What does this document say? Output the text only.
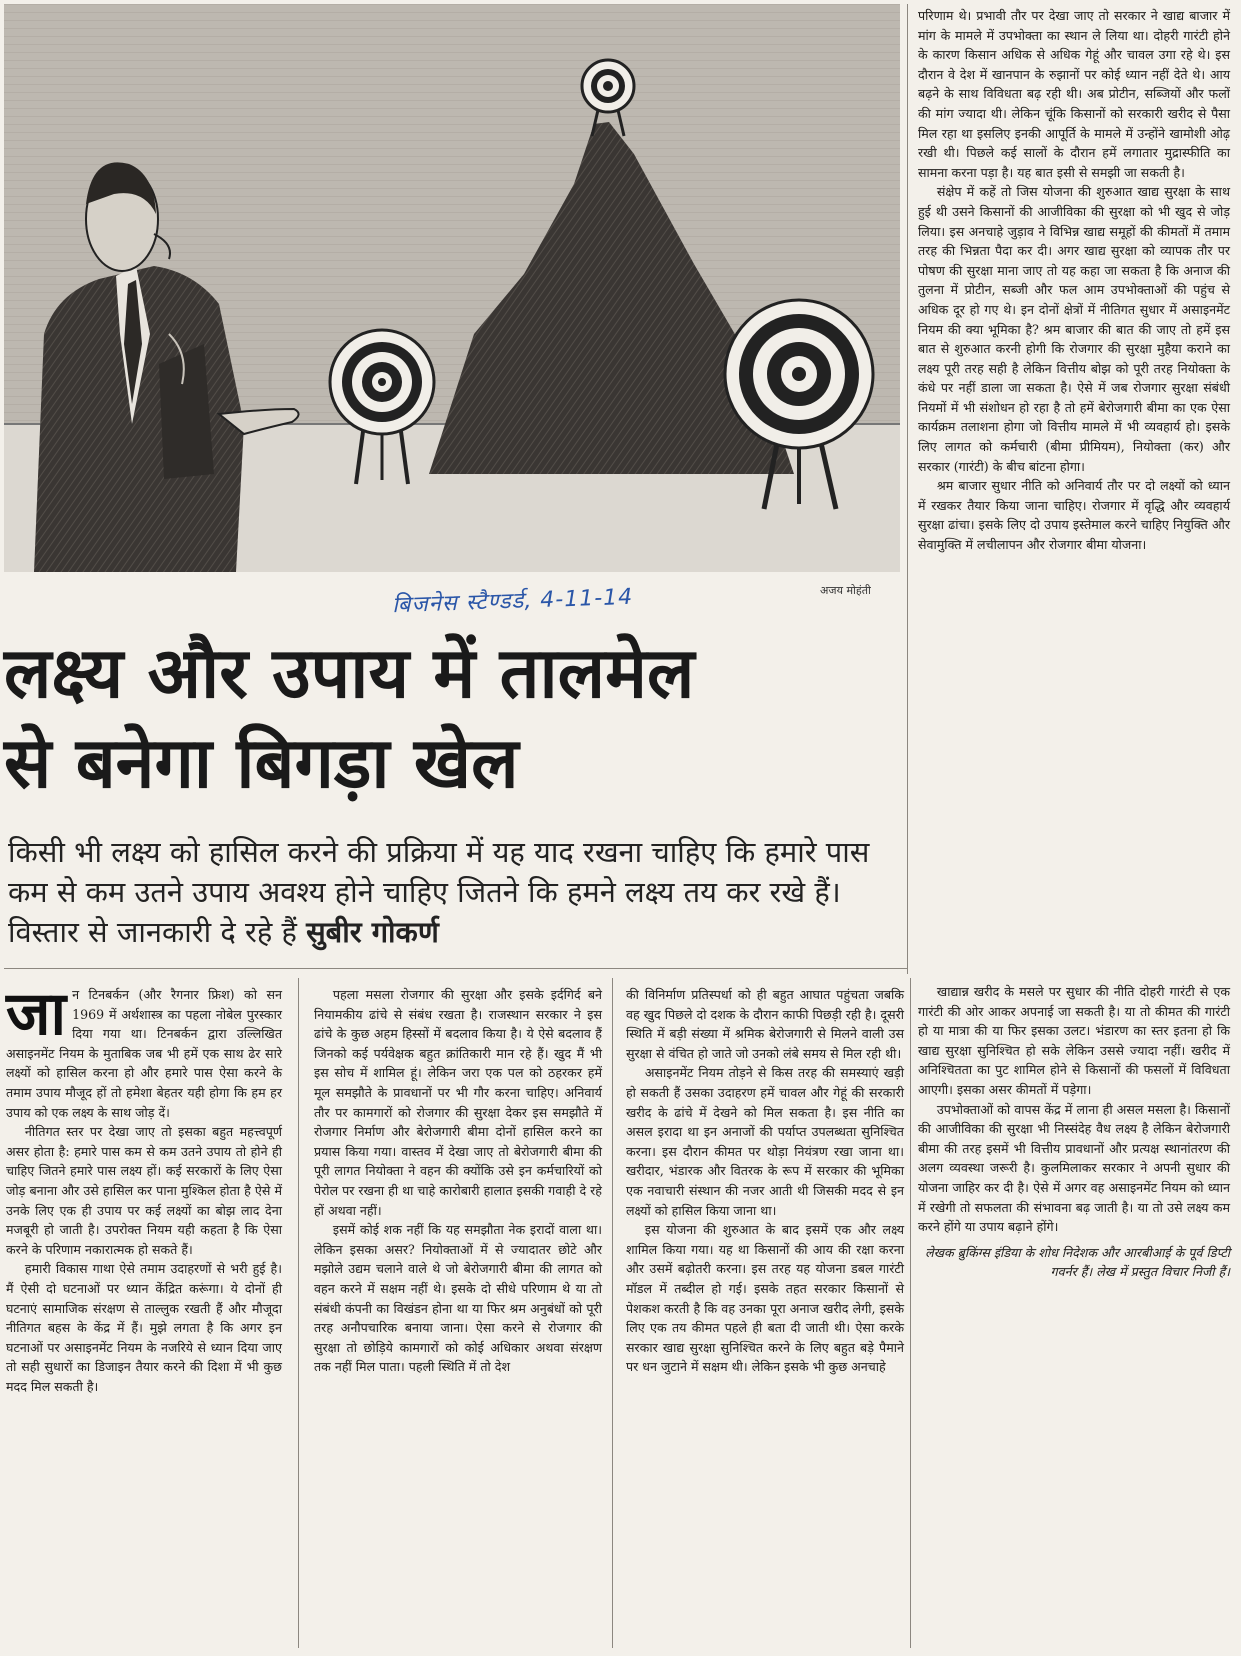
बिजनेस स्टैण्डर्ड, 4-11-14	अजय मोहंती
लक्ष्य और उपाय में तालमेल
से बनेगा बिगड़ा खेल

किसी भी लक्ष्य को हासिल करने की प्रक्रिया में यह याद रखना चाहिए कि हमारे पास कम से कम उतने उपाय अवश्य होने चाहिए जितने कि हमने लक्ष्य तय कर रखे हैं। विस्तार से जानकारी दे रहे हैं सुबीर गोकर्ण

परिणाम थे। प्रभावी तौर पर देखा जाए तो सरकार ने खाद्य बाजार में मांग के मामले में उपभोक्ता का स्थान ले लिया था। दोहरी गारंटी होने के कारण किसान अधिक से अधिक गेहूं और चावल उगा रहे थे। इस दौरान वे देश में खानपान के रुझानों पर कोई ध्यान नहीं देते थे। आय बढ़ने के साथ विविधता बढ़ रही थी। अब प्रोटीन, सब्जियों और फलों की मांग ज्यादा थी। लेकिन चूंकि किसानों को सरकारी खरीद से पैसा मिल रहा था इसलिए इनकी आपूर्ति के मामले में उन्होंने खामोशी ओढ़ रखी थी। पिछले कई सालों के दौरान हमें लगातार मुद्रास्फीति का सामना करना पड़ा है। यह बात इसी से समझी जा सकती है।

संक्षेप में कहें तो जिस योजना की शुरुआत खाद्य सुरक्षा के साथ हुई थी उसने किसानों की आजीविका की सुरक्षा को भी खुद से जोड़ लिया। इस अनचाहे जुड़ाव ने विभिन्न खाद्य समूहों की कीमतों में तमाम तरह की भिन्नता पैदा कर दी। अगर खाद्य सुरक्षा को व्यापक तौर पर पोषण की सुरक्षा माना जाए तो यह कहा जा सकता है कि अनाज की तुलना में प्रोटीन, सब्जी और फल आम उपभोक्ताओं की पहुंच से अधिक दूर हो गए थे। इन दोनों क्षेत्रों में नीतिगत सुधार में असाइनमेंट नियम की क्या भूमिका है? श्रम बाजार की बात की जाए तो हमें इस बात से शुरुआत करनी होगी कि रोजगार की सुरक्षा मुहैया कराने का लक्ष्य पूरी तरह सही है लेकिन वित्तीय बोझ को पूरी तरह नियोक्ता के कंधे पर नहीं डाला जा सकता है। ऐसे में जब रोजगार सुरक्षा संबंधी नियमों में भी संशोधन हो रहा है तो हमें बेरोजगारी बीमा का एक ऐसा कार्यक्रम तलाशना होगा जो वित्तीय मामले में भी व्यवहार्य हो। इसके लिए लागत को कर्मचारी (बीमा प्रीमियम), नियोक्ता (कर) और सरकार (गारंटी) के बीच बांटना होगा।

श्रम बाजार सुधार नीति को अनिवार्य तौर पर दो लक्ष्यों को ध्यान में रखकर तैयार किया जाना चाहिए। रोजगार में वृद्धि और व्यवहार्य सुरक्षा ढांचा। इसके लिए दो उपाय इस्तेमाल करने चाहिए नियुक्ति और सेवामुक्ति में लचीलापन और रोजगार बीमा योजना।

जान टिनबर्कन (और रैगनार फ्रिश) को सन 1969 में अर्थशास्त्र का पहला नोबेल पुरस्कार दिया गया था। टिनबर्कन द्वारा उल्लिखित असाइनमेंट नियम के मुताबिक जब भी हमें एक साथ ढेर सारे लक्ष्यों को हासिल करना हो और हमारे पास ऐसा करने के तमाम उपाय मौजूद हों तो हमेशा बेहतर यही होगा कि हम हर उपाय को एक लक्ष्य के साथ जोड़ दें।

नीतिगत स्तर पर देखा जाए तो इसका बहुत महत्त्वपूर्ण असर होता है: हमारे पास कम से कम उतने उपाय तो होने ही चाहिए जितने हमारे पास लक्ष्य हों। कई सरकारों के लिए ऐसा जोड़ बनाना और उसे हासिल कर पाना मुश्किल होता है ऐसे में उनके लिए एक ही उपाय पर कई लक्ष्यों का बोझ लाद देना मजबूरी हो जाती है। उपरोक्त नियम यही कहता है कि ऐसा करने के परिणाम नकारात्मक हो सकते हैं।

हमारी विकास गाथा ऐसे तमाम उदाहरणों से भरी हुई है। मैं ऐसी दो घटनाओं पर ध्यान केंद्रित करूंगा। ये दोनों ही घटनाएं सामाजिक संरक्षण से ताल्लुक रखती हैं और मौजूदा नीतिगत बहस के केंद्र में हैं। मुझे लगता है कि अगर इन घटनाओं पर असाइनमेंट नियम के नजरिये से ध्यान दिया जाए तो सही सुधारों का डिजाइन तैयार करने की दिशा में भी कुछ मदद मिल सकती है।

पहला मसला रोजगार की सुरक्षा और इसके इर्दगिर्द बने नियामकीय ढांचे से संबंध रखता है। राजस्थान सरकार ने इस ढांचे के कुछ अहम हिस्सों में बदलाव किया है। ये ऐसे बदलाव हैं जिनको कई पर्यवेक्षक बहुत क्रांतिकारी मान रहे हैं। खुद मैं भी इस सोच में शामिल हूं। लेकिन जरा एक पल को ठहरकर हमें मूल समझौते के प्रावधानों पर भी गौर करना चाहिए। अनिवार्य तौर पर कामगारों को रोजगार की सुरक्षा देकर इस समझौते में रोजगार निर्माण और बेरोजगारी बीमा दोनों हासिल करने का प्रयास किया गया। वास्तव में देखा जाए तो बेरोजगारी बीमा की पूरी लागत नियोक्ता ने वहन की क्योंकि उसे इन कर्मचारियों को पेरोल पर रखना ही था चाहे कारोबारी हालात इसकी गवाही दे रहे हों अथवा नहीं।

इसमें कोई शक नहीं कि यह समझौता नेक इरादों वाला था। लेकिन इसका असर? नियोक्ताओं में से ज्यादातर छोटे और मझोले उद्यम चलाने वाले थे जो बेरोजगारी बीमा की लागत को वहन करने में सक्षम नहीं थे। इसके दो सीधे परिणाम थे या तो संबंधी कंपनी का विखंडन होना था या फिर श्रम अनुबंधों को पूरी तरह अनौपचारिक बनाया जाना। ऐसा करने से रोजगार की सुरक्षा तो छोड़िये कामगारों को कोई अधिकार अथवा संरक्षण तक नहीं मिल पाता। पहली स्थिति में तो देश

की विनिर्माण प्रतिस्पर्धा को ही बहुत आघात पहुंचता जबकि वह खुद पिछले दो दशक के दौरान काफी पिछड़ी रही है। दूसरी स्थिति में बड़ी संख्या में श्रमिक बेरोजगारी से मिलने वाली उस सुरक्षा से वंचित हो जाते जो उनको लंबे समय से मिल रही थी।

असाइनमेंट नियम तोड़ने से किस तरह की समस्याएं खड़ी हो सकती हैं उसका उदाहरण हमें चावल और गेहूं की सरकारी खरीद के ढांचे में देखने को मिल सकता है। इस नीति का असल इरादा था इन अनाजों की पर्याप्त उपलब्धता सुनिश्चित करना। इस दौरान कीमत पर थोड़ा नियंत्रण रखा जाना था। खरीदार, भंडारक और वितरक के रूप में सरकार की भूमिका एक नवाचारी संस्थान की नजर आती थी जिसकी मदद से इन लक्ष्यों को हासिल किया जाना था।

इस योजना की शुरुआत के बाद इसमें एक और लक्ष्य शामिल किया गया। यह था किसानों की आय की रक्षा करना और उसमें बढ़ोतरी करना। इस तरह यह योजना डबल गारंटी मॉडल में तब्दील हो गई। इसके तहत सरकार किसानों से पेशकश करती है कि वह उनका पूरा अनाज खरीद लेगी, इसके लिए एक तय कीमत पहले ही बता दी जाती थी। ऐसा करके सरकार खाद्य सुरक्षा सुनिश्चित करने के लिए बहुत बड़े पैमाने पर धन जुटाने में सक्षम थी। लेकिन इसके भी कुछ अनचाहे

खाद्यान्न खरीद के मसले पर सुधार की नीति दोहरी गारंटी से एक गारंटी की ओर आकर अपनाई जा सकती है। या तो कीमत की गारंटी हो या मात्रा की या फिर इसका उलट। भंडारण का स्तर इतना हो कि खाद्य सुरक्षा सुनिश्चित हो सके लेकिन उससे ज्यादा नहीं। खरीद में अनिश्चितता का पुट शामिल होने से किसानों की फसलों में विविधता आएगी। इसका असर कीमतों में पड़ेगा।

उपभोक्ताओं को वापस केंद्र में लाना ही असल मसला है। किसानों की आजीविका की सुरक्षा भी निस्संदेह वैध लक्ष्य है लेकिन बेरोजगारी बीमा की तरह इसमें भी वित्तीय प्रावधानों और प्रत्यक्ष स्थानांतरण की अलग व्यवस्था जरूरी है। कुलमिलाकर सरकार ने अपनी सुधार की योजना जाहिर कर दी है। ऐसे में अगर वह असाइनमेंट नियम को ध्यान में रखेगी तो सफलता की संभावना बढ़ जाती है। या तो उसे लक्ष्य कम करने होंगे या उपाय बढ़ाने होंगे।

लेखक ब्रुकिंग्स इंडिया के शोध निदेशक और आरबीआई के पूर्व डिप्टी गवर्नर हैं। लेख में प्रस्तुत विचार निजी हैं।
